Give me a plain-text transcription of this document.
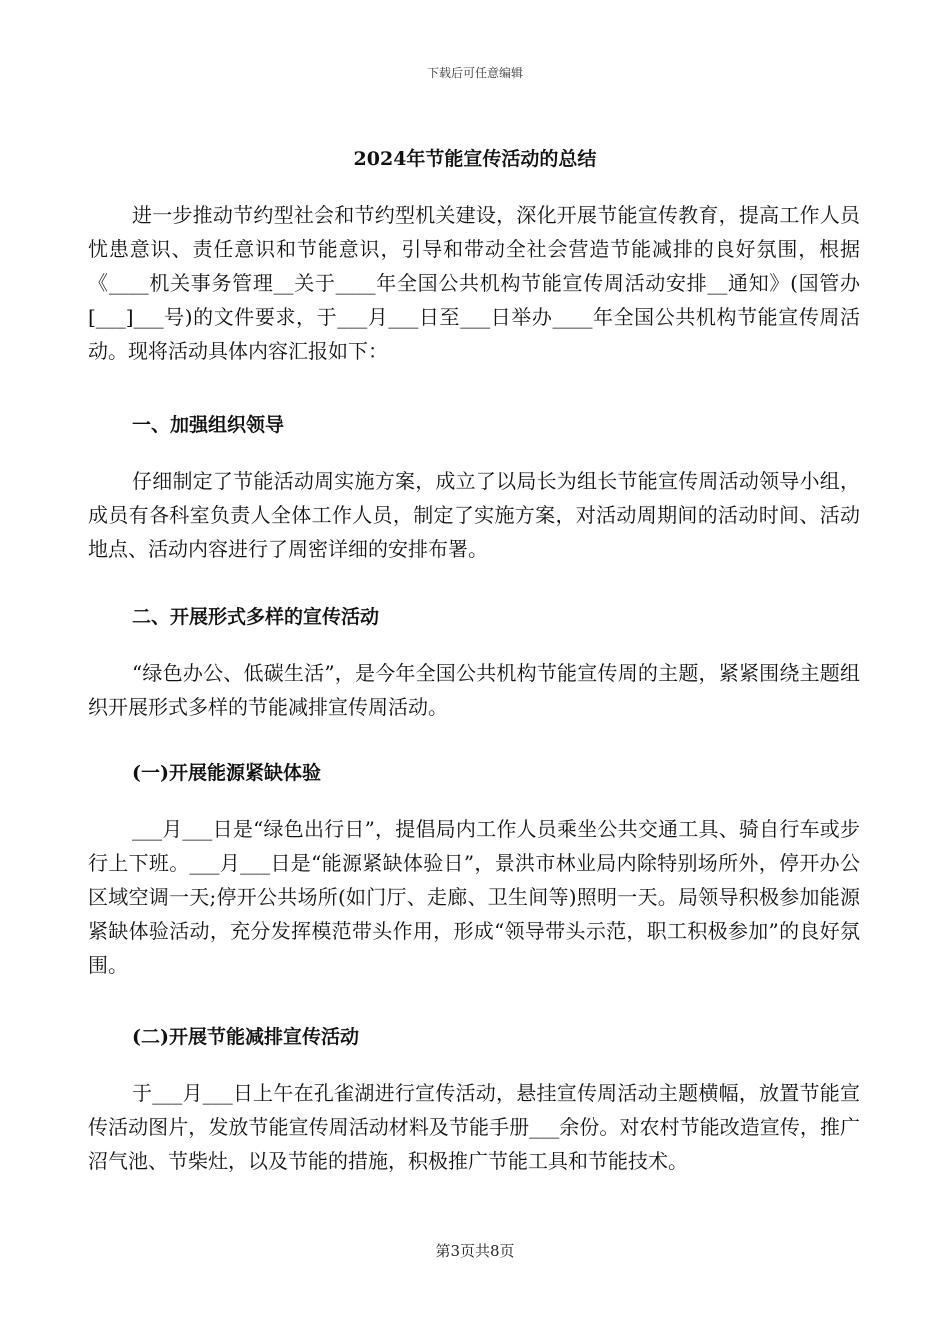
下载后可任意编辑
2024年节能宣传活动的总结

进一步推动节约型社会和节约型机关建设，深化开展节能宣传教育，提高工作人员忧患意识、责任意识和节能意识，引导和带动全社会营造节能减排的良好氛围，根据《____机关事务管理__关于____年全国公共机构节能宣传周活动安排__通知》(国管办[___]___号)的文件要求，于___月___日至___日举办____年全国公共机构节能宣传周活动。现将活动具体内容汇报如下：

一、加强组织领导

仔细制定了节能活动周实施方案，成立了以局长为组长节能宣传周活动领导小组，成员有各科室负责人全体工作人员，制定了实施方案，对活动周期间的活动时间、活动地点、活动内容进行了周密详细的安排布署。

二、开展形式多样的宣传活动

“绿色办公、低碳生活”，是今年全国公共机构节能宣传周的主题，紧紧围绕主题组织开展形式多样的节能减排宣传周活动。

(一)开展能源紧缺体验

___月___日是“绿色出行日”，提倡局内工作人员乘坐公共交通工具、骑自行车或步行上下班。___月___日是“能源紧缺体验日”，景洪市林业局内除特别场所外，停开办公区域空调一天;停开公共场所(如门厅、走廊、卫生间等)照明一天。局领导积极参加能源紧缺体验活动，充分发挥模范带头作用，形成“领导带头示范，职工积极参加”的良好氛围。

(二)开展节能减排宣传活动

于___月___日上午在孔雀湖进行宣传活动，悬挂宣传周活动主题横幅，放置节能宣传活动图片，发放节能宣传周活动材料及节能手册___余份。对农村节能改造宣传，推广沼气池、节柴灶，以及节能的措施，积极推广节能工具和节能技术。

第3页共8页
